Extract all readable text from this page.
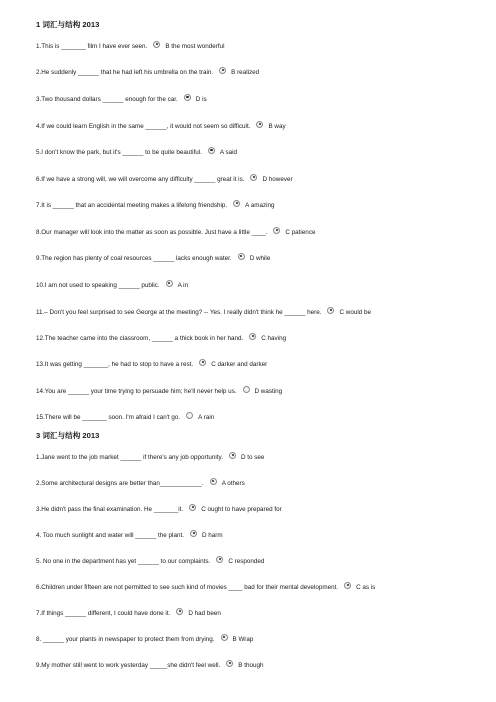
1 词汇与结构 2013
1.This is _______ film I have ever seen.	B the most wonderful
2.He suddenly ______ that he had left his umbrella on the train.	B realized
3.Two thousand dollars ______ enough for the car.	D is
4.If we could learn English in the same ______, it would not seem so difficult.	B way
5.I don't know the park, but it's ______ to be quite beautiful.	A said
6.If we have a strong will, we will overcome any difficulty ______ great it is.	D however
7.It is ______ that an accidental meeting makes a lifelong friendship.	A amazing
8.Our manager will look into the matter as soon as possible. Just have a little ____.	C patience
9.The region has plenty of coal resources ______ lacks enough water.	D while
10.I am not used to speaking ______ public.	A in
11.– Don't you feel surprised to see George at the meeting? -- Yes. I really didn't think he ______ here.	C would be
12.The teacher came into the classroom, ______ a thick book in her hand.	C having
13.It was getting _______, he had to stop to have a rest.	C darker and darker
14.You are ______ your time trying to persuade him; he'll never help us.	D wasting
15.There will be _______ soon. I'm afraid I can't go.	A rain
3 词汇与结构 2013
1.Jane went to the job market ______ if there's any job opportunity.	D to see
2.Some architectural designs are better than____________.	A others
3.He didn't pass the final examination. He _______it.	C ought to have prepared for
4. Too much sunlight and water will ______ the plant.	D harm
5. No one in the department has yet ______ to our complaints.	C responded
6.Children under fifteen are not permitted to see such kind of movies ____ bad for their mental development.	C as is
7.If things ______ different, I could have done it.	D had been
8. ______ your plants in newspaper to protect them from drying.	B Wrap
9.My mother still went to work yesterday _____she didn't feel well.	B though
